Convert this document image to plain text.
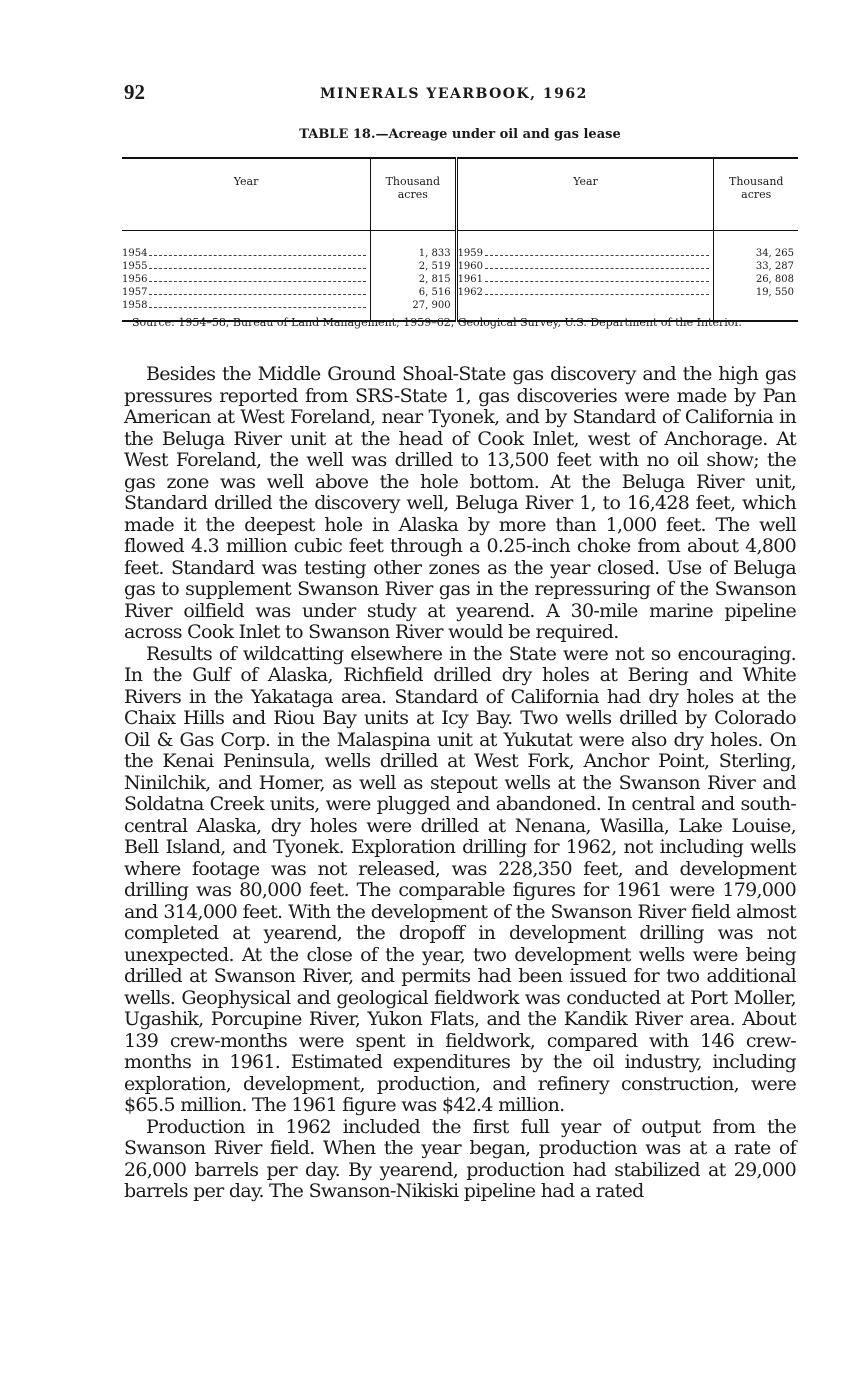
92	MINERALS YEARBOOK, 1962
TABLE 18.—Acreage under oil and gas lease
Year	Thousand acres	Year	Thousand acres

1954	1, 833	1959	34, 265

1955	2, 519	1960	33, 287

1956	2, 815	1961	26, 808

1957	6, 516	1962	19, 550

1958	27, 900		
Source: 1954–58, Bureau of Land Management; 1959–62, Geological Survey, U.S. Department of the Interior.

Besides the Middle Ground Shoal-State gas discovery and the high gas pressures reported from SRS-State 1, gas discoveries were made by Pan American at West Foreland, near Tyonek, and by Standard of California in the Beluga River unit at the head of Cook Inlet, west of Anchorage. At West Foreland, the well was drilled to 13,500 feet with no oil show; the gas zone was well above the hole bottom. At the Beluga River unit, Standard drilled the discovery well, Beluga River 1, to 16,428 feet, which made it the deepest hole in Alaska by more than 1,000 feet. The well flowed 4.3 million cubic feet through a 0.25-inch choke from about 4,800 feet. Standard was testing other zones as the year closed. Use of Beluga gas to supplement Swanson River gas in the repressuring of the Swanson River oilfield was under study at yearend. A 30-mile marine pipeline across Cook Inlet to Swanson River would be required.

Results of wildcatting elsewhere in the State were not so encouraging. In the Gulf of Alaska, Richfield drilled dry holes at Bering and White Rivers in the Yakataga area. Standard of California had dry holes at the Chaix Hills and Riou Bay units at Icy Bay. Two wells drilled by Colorado Oil & Gas Corp. in the Malaspina unit at Yukutat were also dry holes. On the Kenai Peninsula, wells drilled at West Fork, Anchor Point, Sterling, Ninilchik, and Homer, as well as stepout wells at the Swanson River and Soldatna Creek units, were plugged and abandoned. In central and south-central Alaska, dry holes were drilled at Nenana, Wasilla, Lake Louise, Bell Island, and Tyonek. Exploration drilling for 1962, not including wells where footage was not released, was 228,350 feet, and development drilling was 80,000 feet. The comparable figures for 1961 were 179,000 and 314,000 feet. With the development of the Swanson River field almost completed at yearend, the dropoff in development drilling was not unexpected. At the close of the year, two development wells were being drilled at Swanson River, and permits had been issued for two additional wells. Geophysical and geological fieldwork was conducted at Port Moller, Ugashik, Porcupine River, Yukon Flats, and the Kandik River area. About 139 crew-months were spent in fieldwork, compared with 146 crew-months in 1961. Estimated expenditures by the oil industry, including exploration, development, production, and refinery construction, were $65.5 million. The 1961 figure was $42.4 million.

Production in 1962 included the first full year of output from the Swanson River field. When the year began, production was at a rate of 26,000 barrels per day. By yearend, production had stabilized at 29,000 barrels per day. The Swanson-Nikiski pipeline had a rated
